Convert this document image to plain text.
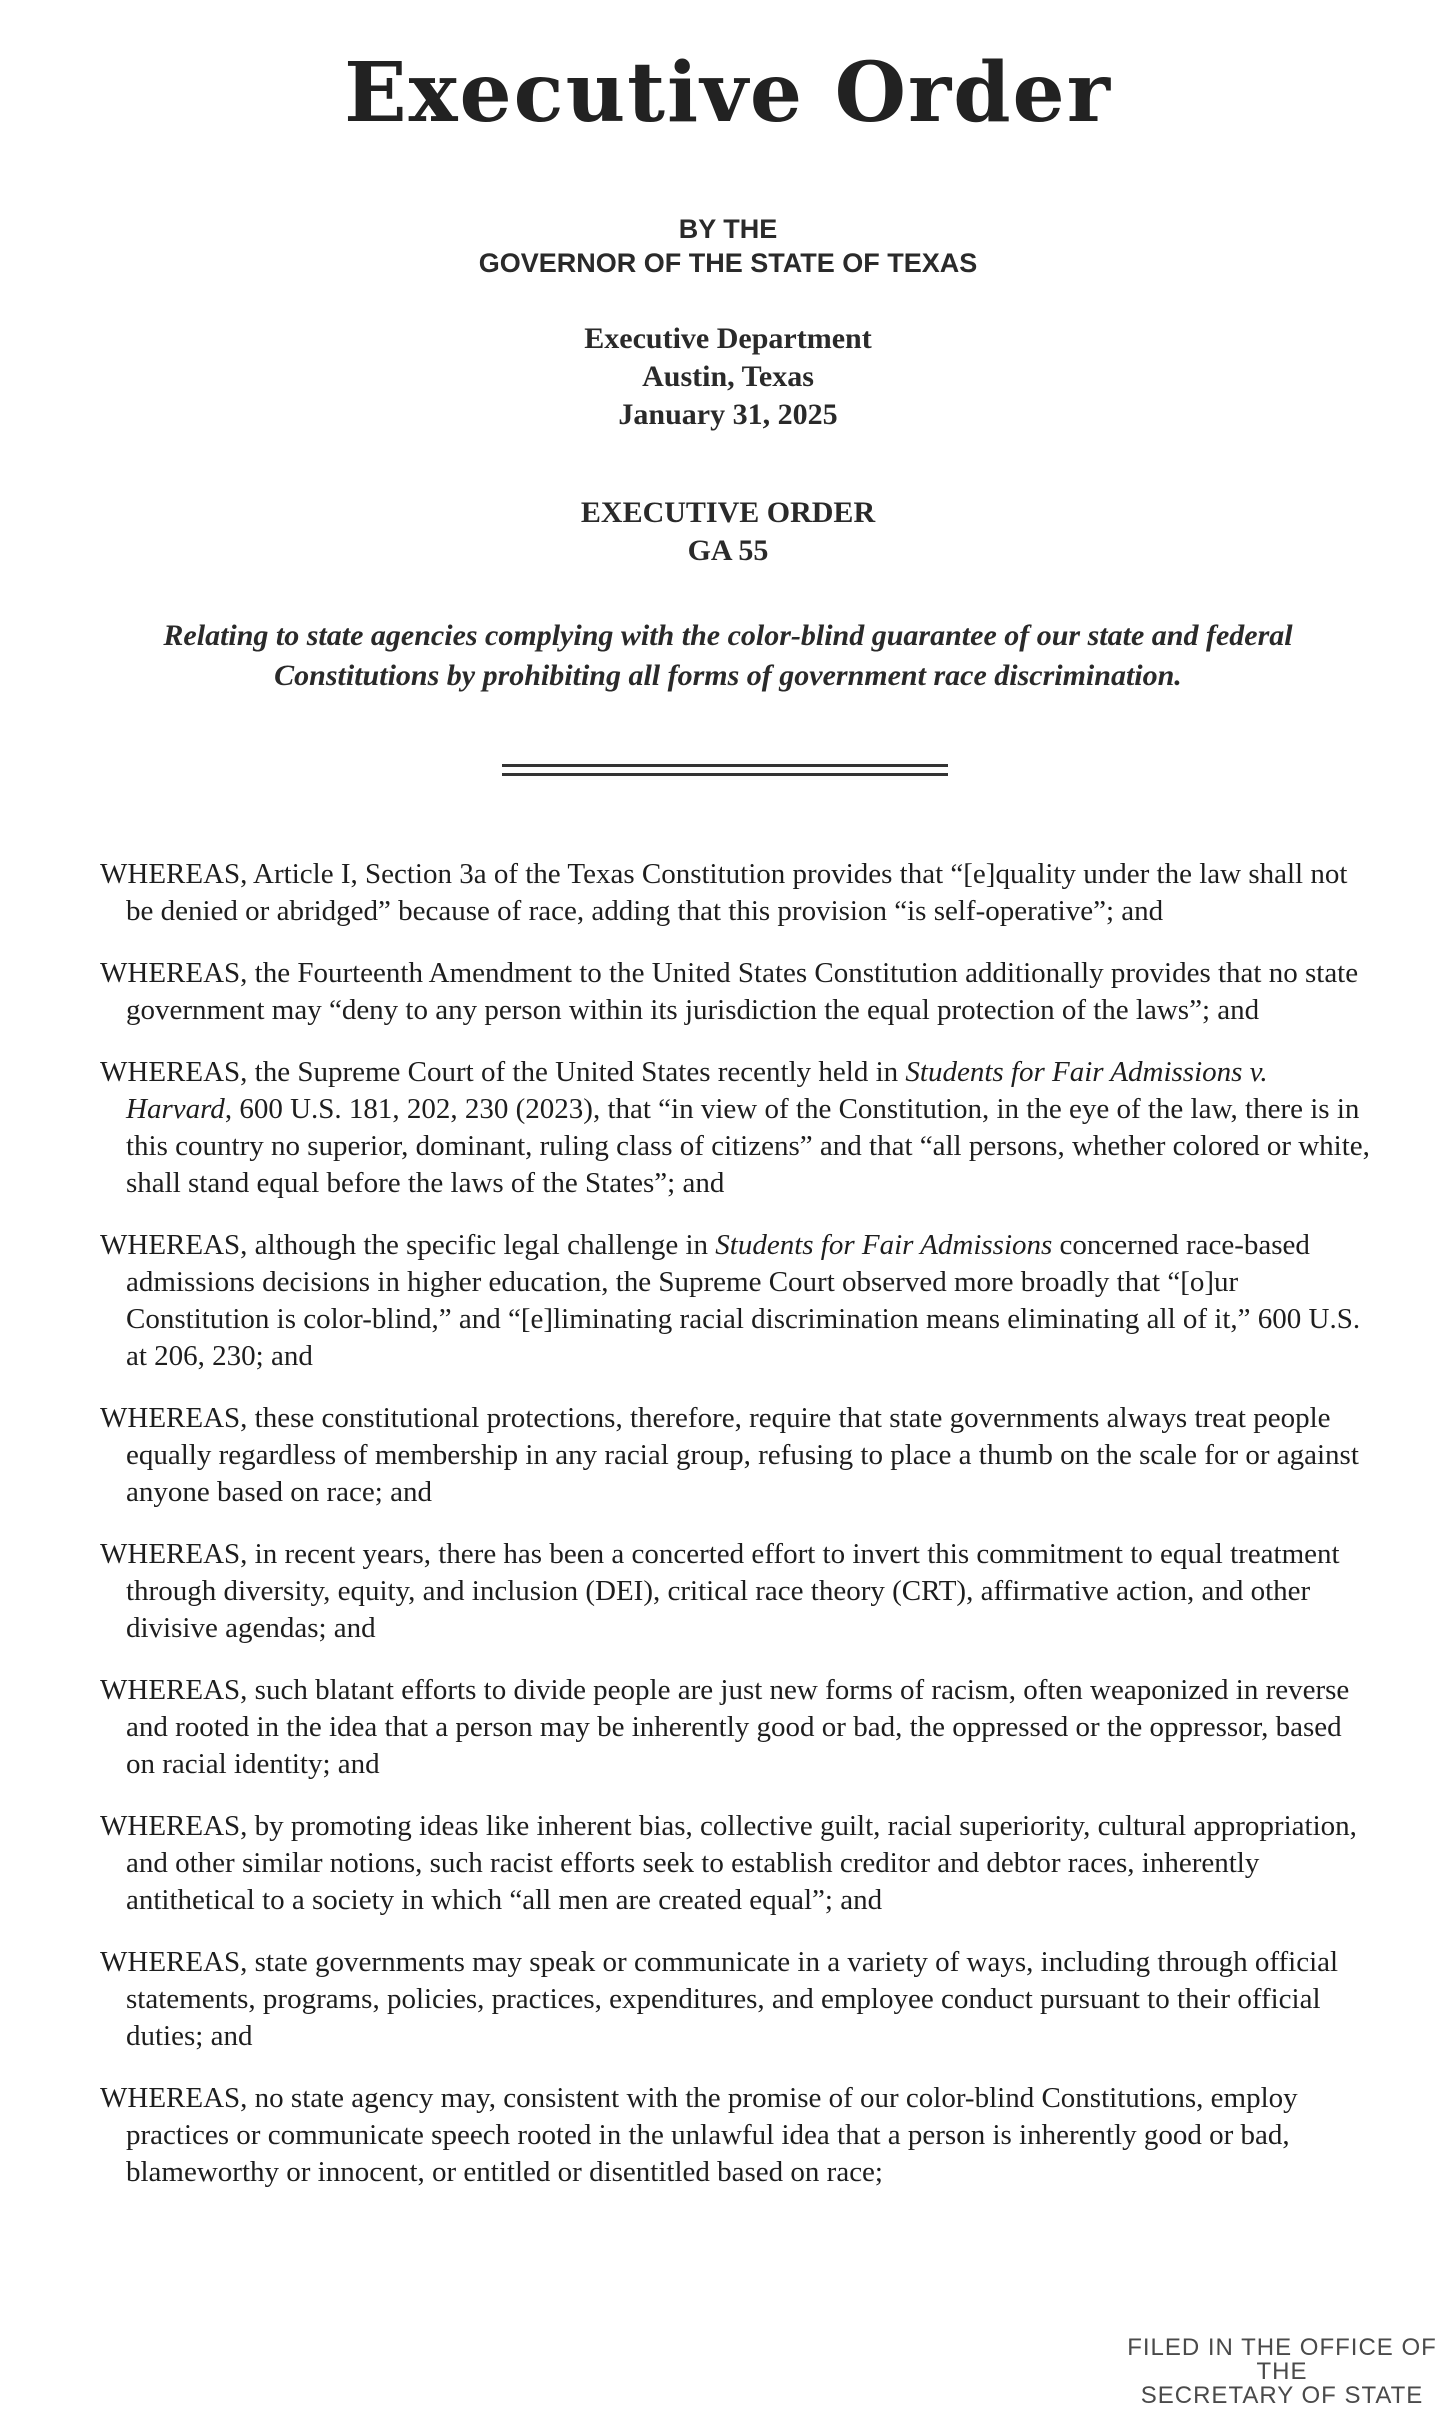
Executive Order
BY THE
GOVERNOR OF THE STATE OF TEXAS
Executive Department
Austin, Texas
January 31, 2025
EXECUTIVE ORDER
GA 55
Relating to state agencies complying with the color-blind guarantee of our state and federal
Constitutions by prohibiting all forms of government race discrimination.

WHEREAS, Article I, Section 3a of the Texas Constitution provides that “[e]quality under the law shall not be denied or abridged” because of race, adding that this provision “is self-operative”; and

WHEREAS, the Fourteenth Amendment to the United States Constitution additionally provides that no state government may “deny to any person within its jurisdiction the equal protection of the laws”; and

WHEREAS, the Supreme Court of the United States recently held in Students for Fair Admissions v. Harvard, 600 U.S. 181, 202, 230 (2023), that “in view of the Constitution, in the eye of the law, there is in this country no superior, dominant, ruling class of citizens” and that “all persons, whether colored or white, shall stand equal before the laws of the States”; and

WHEREAS, although the specific legal challenge in Students for Fair Admissions concerned race-based admissions decisions in higher education, the Supreme Court observed more broadly that “[o]ur Constitution is color-blind,” and “[e]liminating racial discrimination means eliminating all of it,” 600 U.S. at 206, 230; and

WHEREAS, these constitutional protections, therefore, require that state governments always treat people equally regardless of membership in any racial group, refusing to place a thumb on the scale for or against anyone based on race; and

WHEREAS, in recent years, there has been a concerted effort to invert this commitment to equal treatment through diversity, equity, and inclusion (DEI), critical race theory (CRT), affirmative action, and other divisive agendas; and

WHEREAS, such blatant efforts to divide people are just new forms of racism, often weaponized in reverse and rooted in the idea that a person may be inherently good or bad, the oppressed or the oppressor, based on racial identity; and

WHEREAS, by promoting ideas like inherent bias, collective guilt, racial superiority, cultural appropriation, and other similar notions, such racist efforts seek to establish creditor and debtor races, inherently antithetical to a society in which “all men are created equal”; and

WHEREAS, state governments may speak or communicate in a variety of ways, including through official statements, programs, policies, practices, expenditures, and employee conduct pursuant to their official duties; and

WHEREAS, no state agency may, consistent with the promise of our color-blind Constitutions, employ practices or communicate speech rooted in the unlawful idea that a person is inherently good or bad, blameworthy or innocent, or entitled or disentitled based on race;

FILED IN THE OFFICE OF THE
SECRETARY OF STATE
